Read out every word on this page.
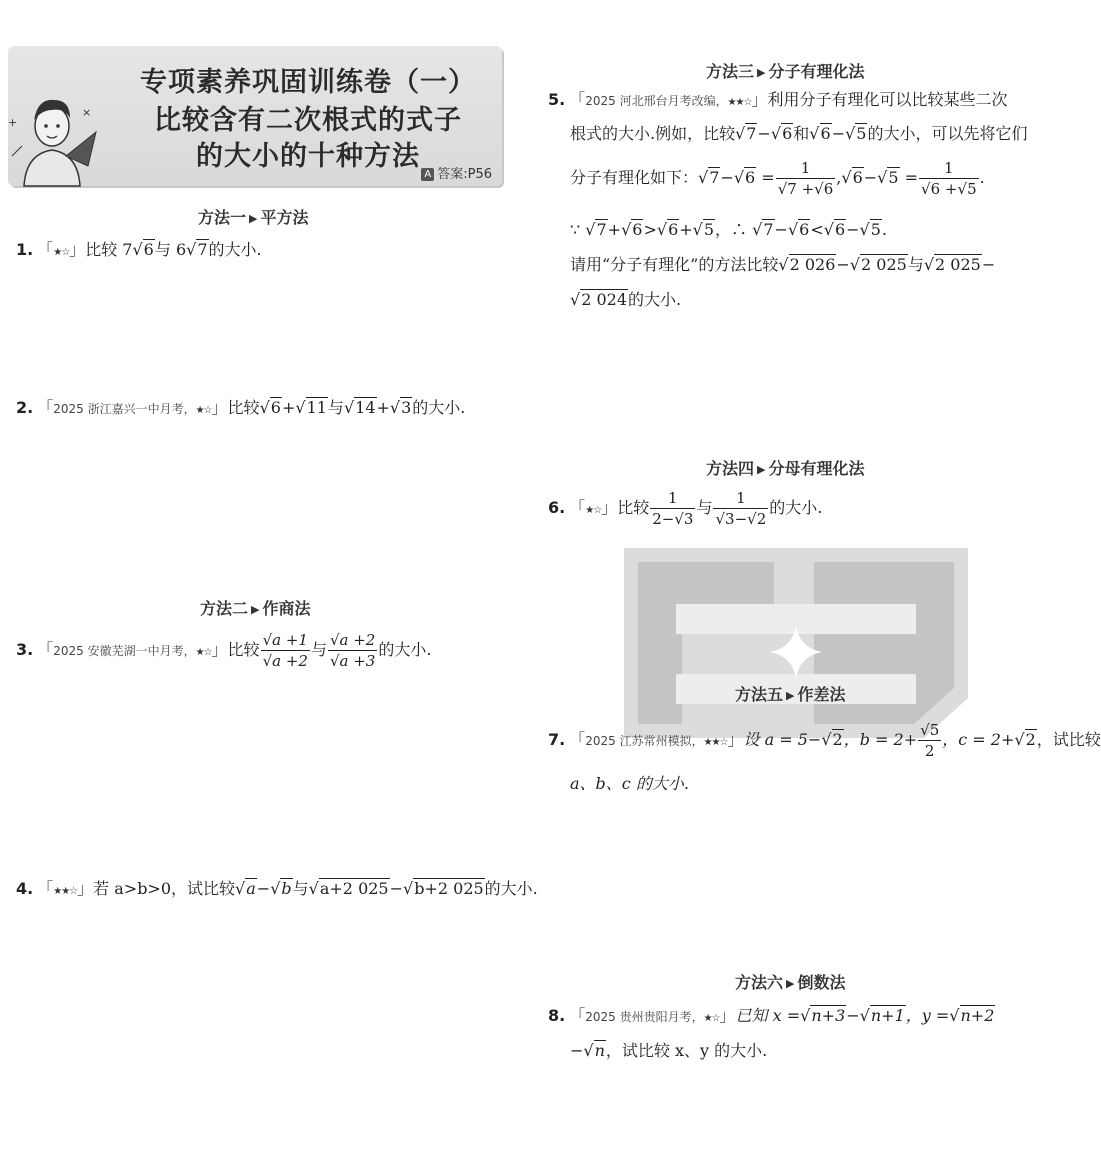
+
×
专项素养巩固训练卷（一）
比较含有二次根式的式子
的大小的十种方法
A 答案:P56
方法一 ▶ 平方法
1. 「★☆」比较 7√6与 6√7的大小.
2. 「2025 浙江嘉兴一中月考，★☆」比较√6+√11与√14+√3的大小.
方法二 ▶ 作商法
3. 「2025 安徽芜湖一中月考，★☆」比较 $\frac{√a +1}{√a +2}$ 与 $\frac{√a +2}{√a +3}$ 的大小.
4. 「★★☆」若 a>b>0，试比较√a−√b与√a+2 025−√b+2 025的大小.
方法三 ▶ 分子有理化法
5. 「2025 河北邢台月考改编，★★☆」利用分子有理化可以比较某些二次
根式的大小.例如，比较√7−√6和√6−√5的大小，可以先将它们
分子有理化如下：$√7-√6 = \frac{1}{√7 +√6} ,√6-√5 = \frac{1}{√6 +√5}$ .
∵ √7+√6>√6+√5，∴ √7−√6<√6−√5.
请用“分子有理化”的方法比较√2 026−√2 025与√2 025−
√2 024的大小.
方法四 ▶ 分母有理化法
6. 「★☆」比较 $\frac{1}{2-√3}$ 与 $\frac{1}{√3-√2}$ 的大小.
方法五 ▶ 作差法
7. 「2025 江苏常州模拟，★★☆」设 a = 5−√2，$b = 2+ \frac{√5}{2}$ ，c = 2+√2，试比较
a、b、c 的大小.
方法六 ▶ 倒数法
8. 「2025 贵州贵阳月考，★☆」已知 x =√n+3−√n+1，y =√n+2
−√n，试比较 x、y 的大小.
